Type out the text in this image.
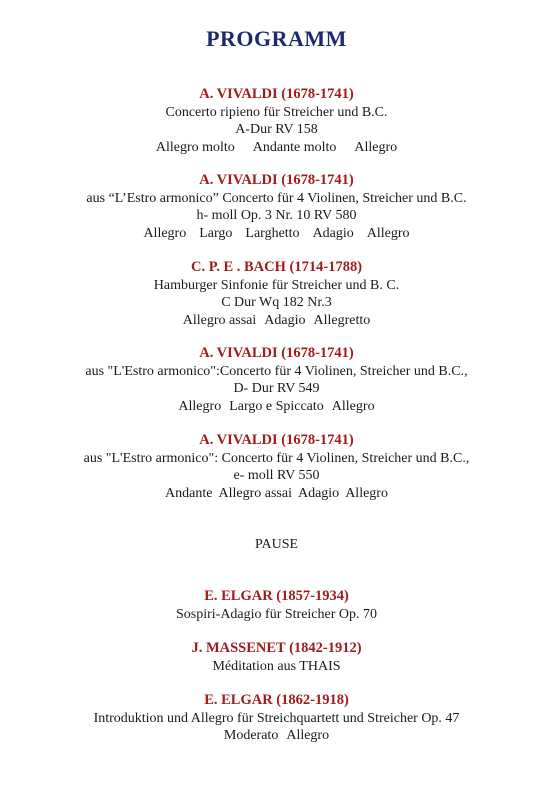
PROGRAMM
A. VIVALDI (1678-1741)
Concerto ripieno für Streicher und B.C.
A-Dur RV 158
Allegro molto Andante molto Allegro
A. VIVALDI (1678-1741)
aus “L’Estro armonico” Concerto für 4 Violinen, Streicher und B.C.
h- moll Op. 3 Nr. 10 RV 580
Allegro Largo Larghetto Adagio Allegro
C. P. E . BACH (1714-1788)
Hamburger Sinfonie für Streicher und B. C.
C Dur Wq 182 Nr.3
Allegro assai Adagio Allegretto
A. VIVALDI (1678-1741)
aus "L'Estro armonico":Concerto für 4 Violinen, Streicher und B.C.,
D- Dur RV 549
Allegro Largo e Spiccato Allegro
A. VIVALDI (1678-1741)
aus "L'Estro armonico": Concerto für 4 Violinen, Streicher und B.C.,
e- moll RV 550
Andante Allegro assai Adagio Allegro
E. ELGAR (1857-1934)
Sospiri-Adagio für Streicher Op. 70
J. MASSENET (1842-1912)
Méditation aus THAIS
E. ELGAR (1862-1918)
Introduktion und Allegro für Streichquartett und Streicher Op. 47
Moderato Allegro
PAUSE
